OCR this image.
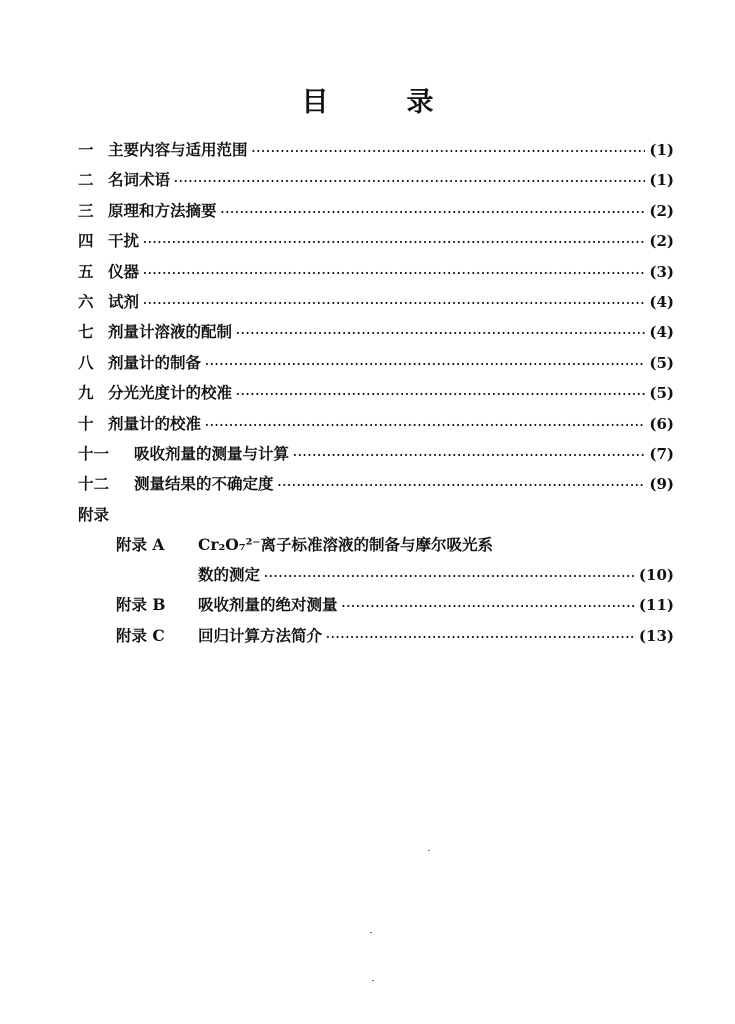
目	录
一 主要内容与适用范围 ·····	(1)
二 名词术语 ·····	(1)
三 原理和方法摘要 ·····	(2)
四 干扰 ·····	(2)
五 仪器 ·····	(3)
六 试剂 ·····	(4)
七 剂量计溶液的配制 ·····	(4)
八 剂量计的制备 ·····	(5)
九 分光光度计的校准 ·····	(5)
十 剂量计的校准 ·····	(6)
十一	吸收剂量的测量与计算 ·····	(7)
十二	测量结果的不确定度 ·····	(9)
附录
附录 A	Cr₂O₇²⁻离子标准溶液的制备与摩尔吸光系
数的测定 ·····	(10)
附录 B	吸收剂量的绝对测量 ·····	(11)
附录 C	回归计算方法简介 ·····	(13)
